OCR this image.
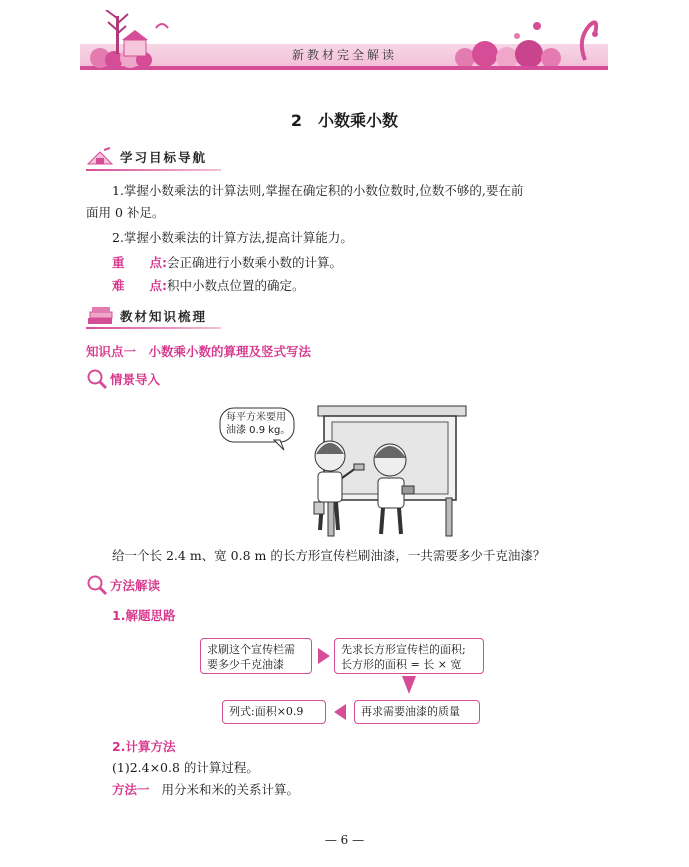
新教材完全解读
2　小数乘小数
学习目标导航
1.掌握小数乘法的计算法则,掌握在确定积的小数位数时,位数不够的,要在前
面用 0 补足。
2.掌握小数乘法的计算方法,提高计算能力。
重　　点:会正确进行小数乘小数的计算。
难　　点:积中小数点位置的确定。
教材知识梳理
知识点一　小数乘小数的算理及竖式写法
情景导入
每平方米要用
油漆 0.9 kg。
给一个长 2.4 m、宽 0.8 m 的长方形宣传栏刷油漆，一共需要多少千克油漆？
方法解读
1.解题思路
求刷这个宣传栏需
要多少千克油漆
先求长方形宣传栏的面积;
长方形的面积 = 长 × 宽
再求需要油漆的质量
列式:面积×0.9
2.计算方法
(1)2.4×0.8 的计算过程。
方法一 用分米和米的关系计算。
— 6 —
